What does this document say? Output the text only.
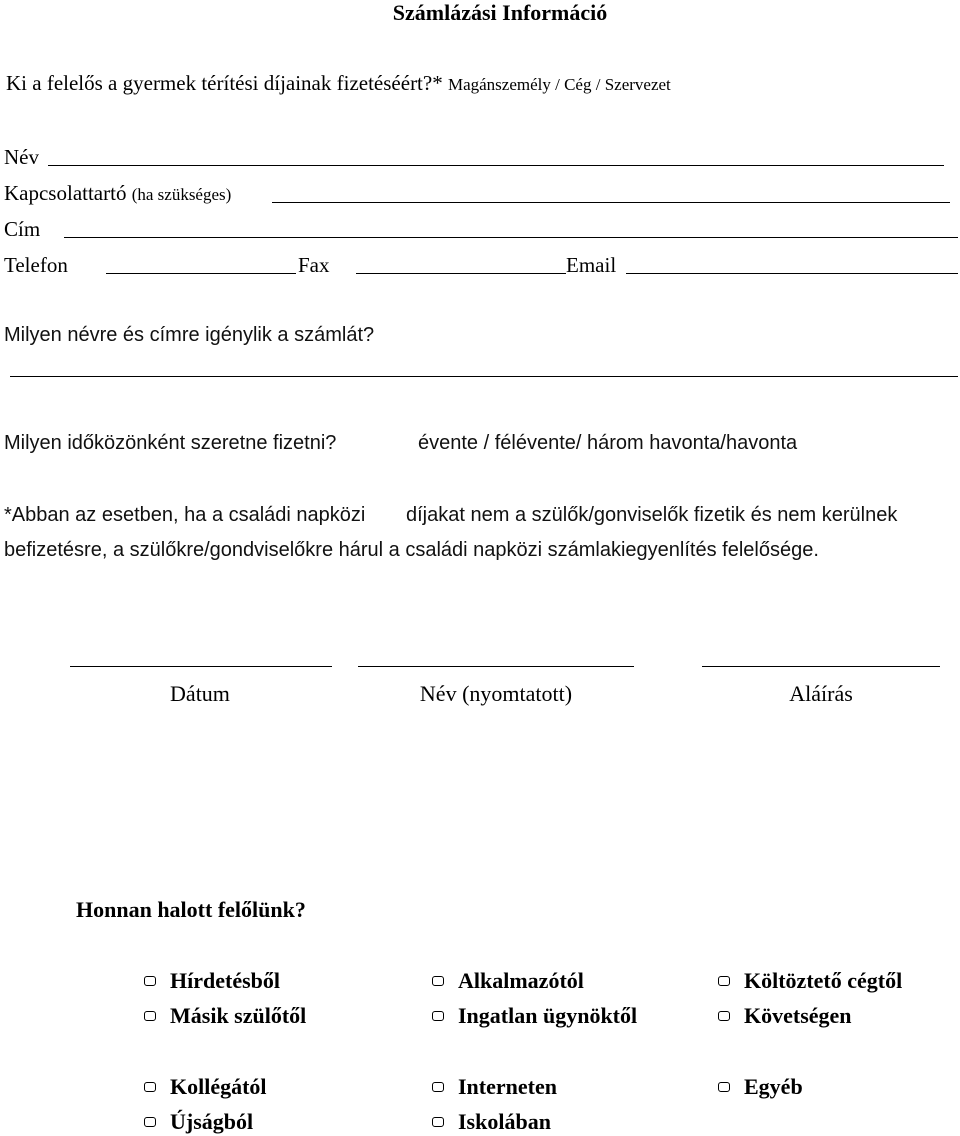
Számlázási Információ
Ki a felelős a gyermek térítési díjainak fizetéséért?* Magánszemély / Cég / Szervezet
Név
Kapcsolattartó (ha szükséges)
Cím
Telefon	Fax	Email
Milyen névre és címre igénylik a számlát?
Milyen időközönként szeretne fizetni?	évente / félévente/ három havonta/havonta
*Abban az esetben, ha a családi napközi díjakat nem a szülők/gonviselők fizetik és nem kerülnek
befizetésre, a szülőkre/gondviselőkre hárul a családi napközi számlakiegyenlítés felelősége.
Dátum	Név (nyomtatott)	Aláírás
Honnan halott felőlünk?
Hírdetésből	Alkalmazótól	Költöztető cégtől
Másik szülőtől	Ingatlan ügynöktől	Követségen
Kollégától	Interneten	Egyéb
Újságból	Iskolában
